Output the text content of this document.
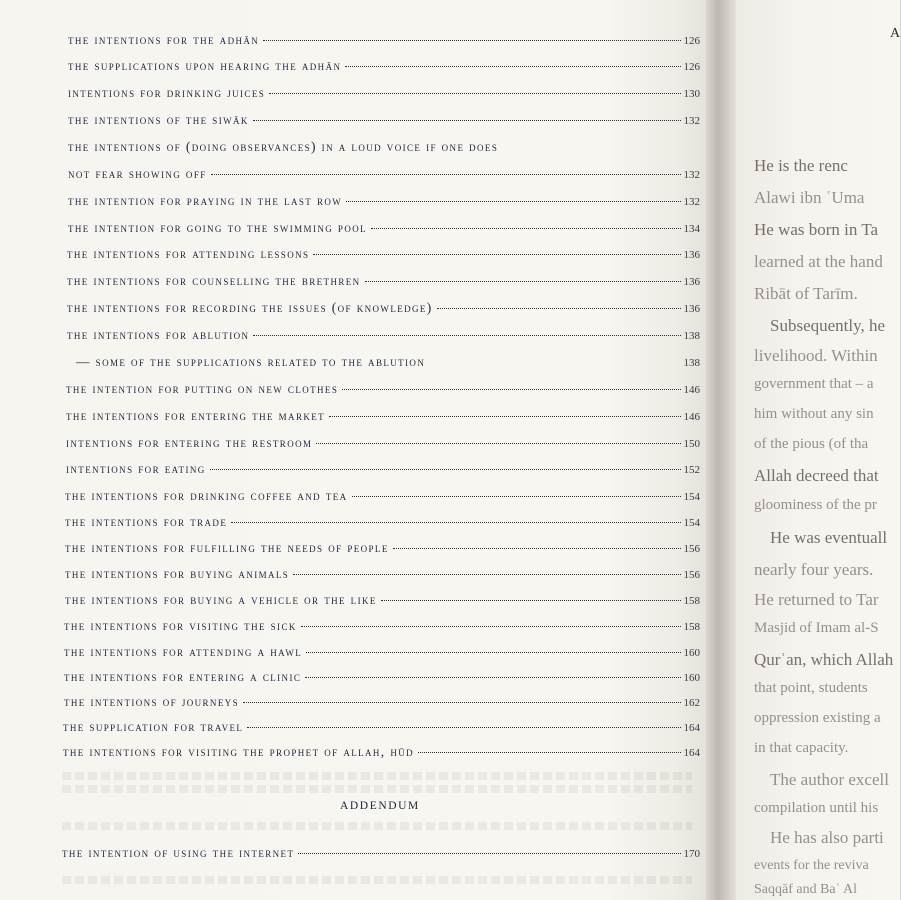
the intentions for the adhān	126
the supplications upon hearing the adhān	126
intentions for drinking juices	130
the intentions of the siwāk	132
the intentions of (doing observances) in a loud voice if one does
not fear showing off	132
the intention for praying in the last row	132
the intention for going to the swimming pool	134
the intentions for attending lessons	136
the intentions for counselling the brethren	136
the intentions for recording the issues (of knowledge)	136
the intentions for ablution	138
— some of the supplications related to the ablution	138
the intention for putting on new clothes	146
the intentions for entering the market	146
intentions for entering the restroom	150
intentions for eating	152
the intentions for drinking coffee and tea	154
the intentions for trade	154
the intentions for fulfilling the needs of people	156
the intentions for buying animals	156
the intentions for buying a vehicle or the like	158
the intentions for visiting the sick	158
the intentions for attending a hawl	160
the intentions for entering a clinic	160
the intentions of journeys	162
the supplication for travel	164
the intentions for visiting the prophet of allah, hūd	164
ADDENDUM
the intention of using the internet	170
A
He is the renc
Alawi ibn ʿUma
He was born in Ta
learned at the hand
Ribāt of Tarīm.
Subsequently, he
livelihood. Within
government that – a
him without any sin
of the pious (of tha
Allah decreed that
gloominess of the pr
He was eventuall
nearly four years.
He returned to Tar
Masjid of Imam al-S
Qurʾan, which Allah
that point, students
oppression existing a
in that capacity.
The author excell
compilation until his
He has also parti
events for the reviva
Saqqāf and Baʿ Al
